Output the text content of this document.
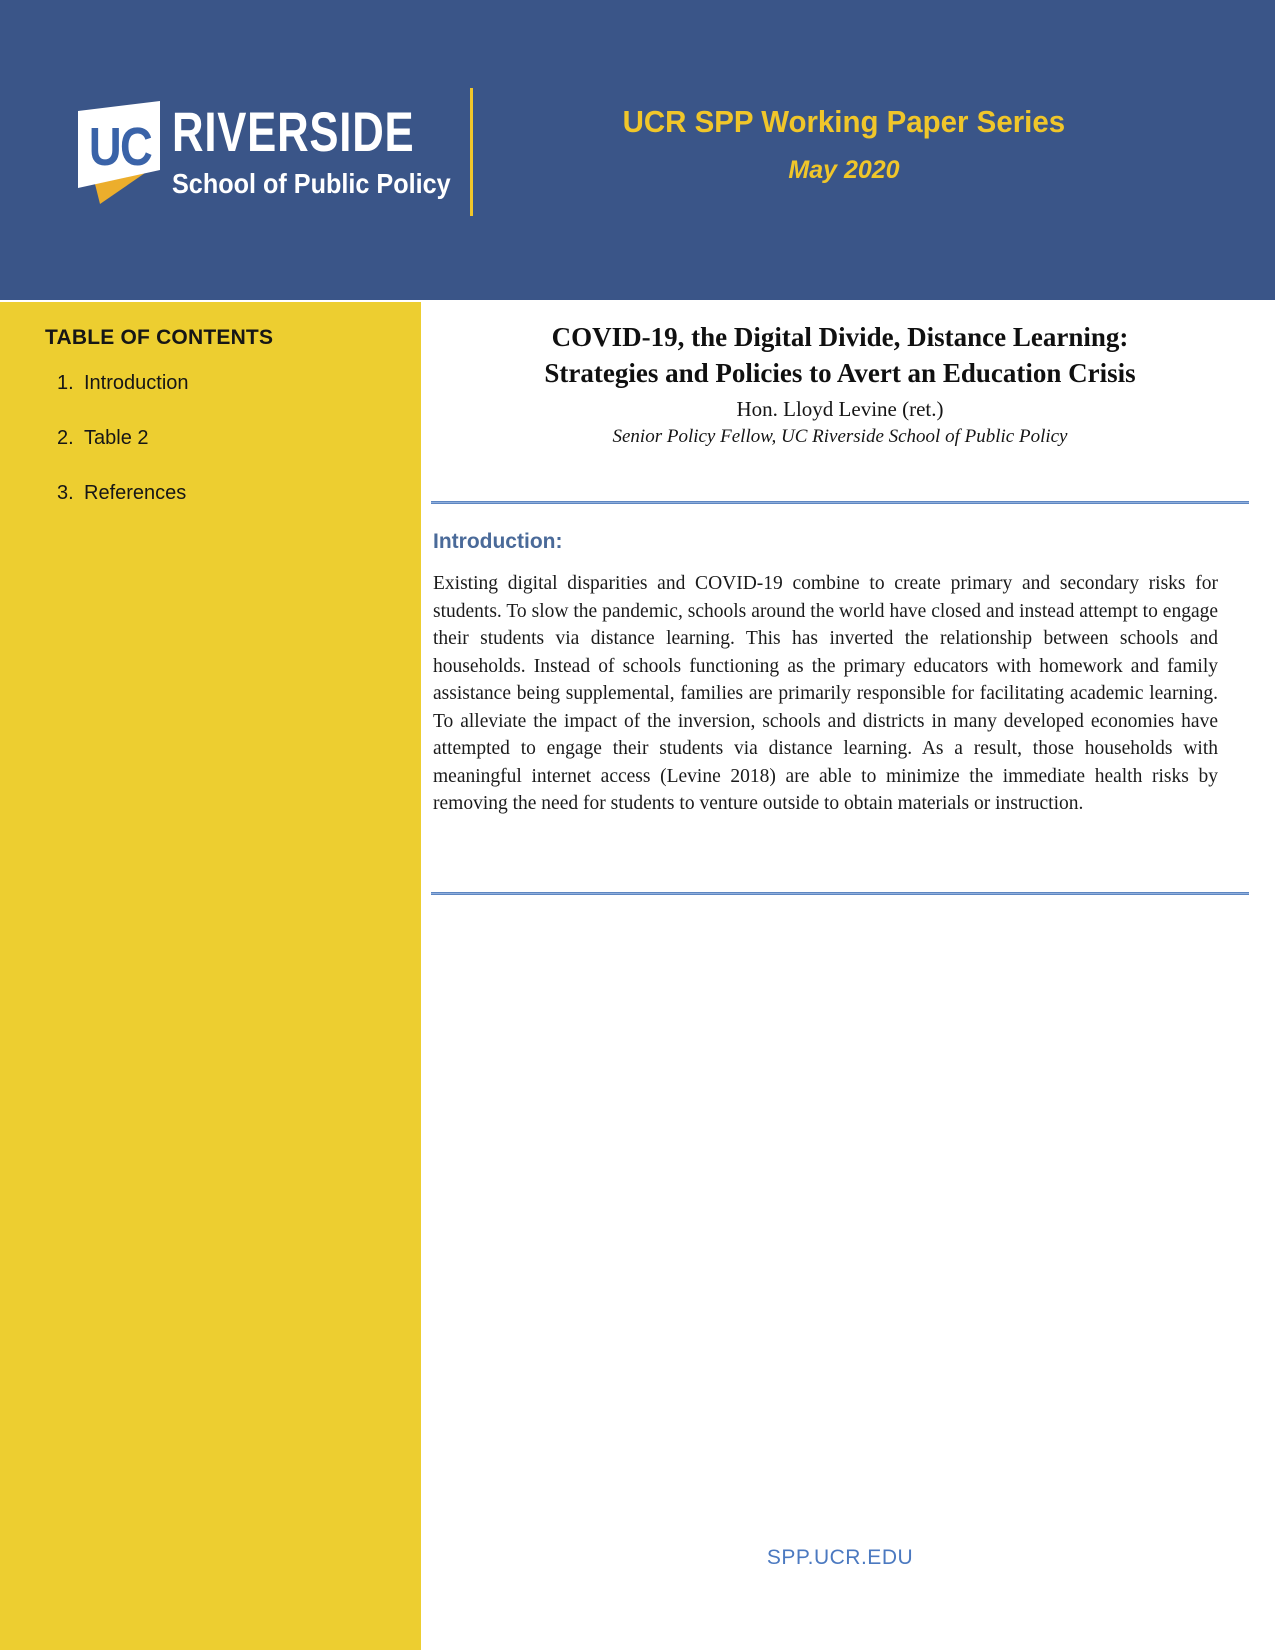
UC RIVERSIDE
School of Public Policy
UCR SPP Working Paper Series
May 2020
TABLE OF CONTENTS
1. Introduction
2. Table 2
3. References
COVID-19, the Digital Divide, Distance Learning:
Strategies and Policies to Avert an Education Crisis
Hon. Lloyd Levine (ret.)
Senior Policy Fellow, UC Riverside School of Public Policy
Introduction:

Existing digital disparities and COVID-19 combine to create primary and secondary risks for students. To slow the pandemic, schools around the world have closed and instead attempt to engage their students via distance learning. This has inverted the relationship between schools and households. Instead of schools functioning as the primary educators with homework and family assistance being supplemental, families are primarily responsible for facilitating academic learning. To alleviate the impact of the inversion, schools and districts in many developed economies have attempted to engage their students via distance learning. As a result, those households with meaningful internet access (Levine 2018) are able to minimize the immediate health risks by removing the need for students to venture outside to obtain materials or instruction.

SPP.UCR.EDU
